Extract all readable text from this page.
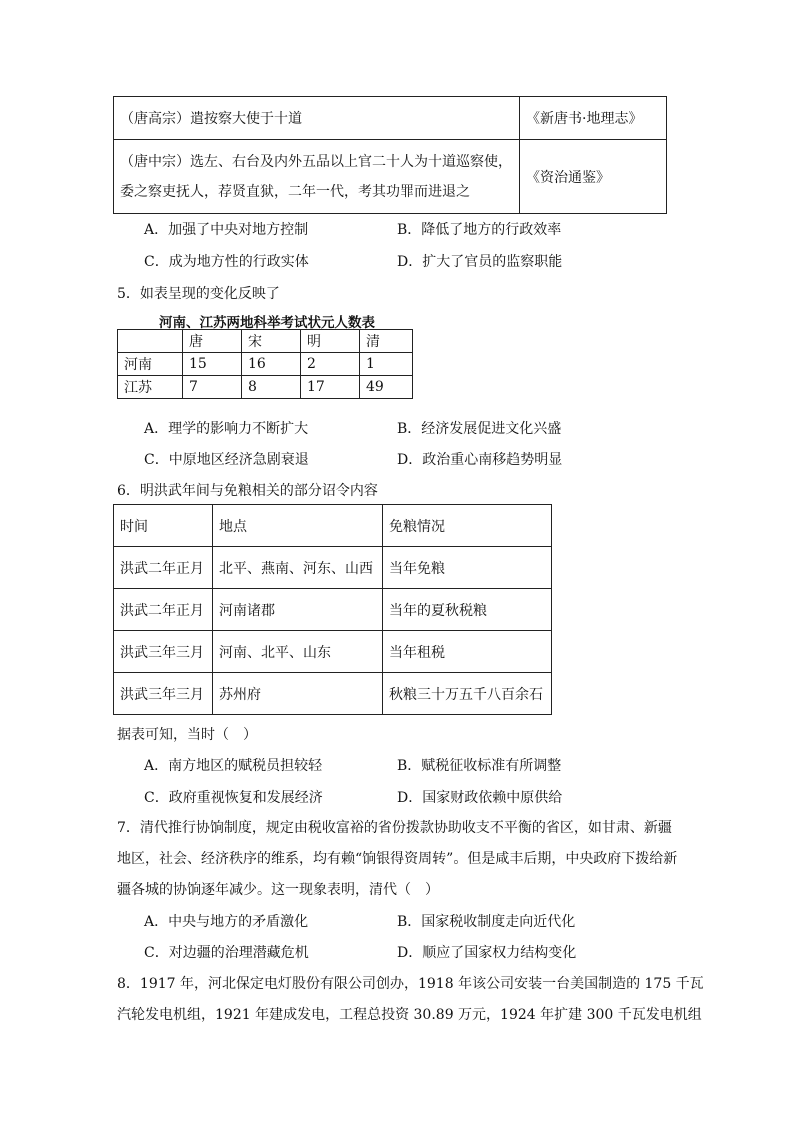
（唐高宗）遣按察大使于十道	《新唐书·地理志》

（唐中宗）选左、右台及内外五品以上官二十人为十道巡察使，
委之察吏抚人，荐贤直狱，二年一代，考其功罪而进退之	《资治通鉴》
A．加强了中央对地方控制	B．降低了地方的行政效率
C．成为地方性的行政实体	D．扩大了官员的监察职能
5．如表呈现的变化反映了
河南、江苏两地科举考试状元人数表
	唐	宋	明	清
河南	15	16	2	1
江苏	7	8	17	49
A．理学的影响力不断扩大	B．经济发展促进文化兴盛
C．中原地区经济急剧衰退	D．政治重心南移趋势明显
6．明洪武年间与免粮相关的部分诏令内容
时间	地点	免粮情况
洪武二年正月	北平、燕南、河东、山西	当年免粮
洪武二年正月	河南诸郡	当年的夏秋税粮
洪武三年三月	河南、北平、山东	当年租税
洪武三年三月	苏州府	秋粮三十万五千八百余石
据表可知，当时（　）
A．南方地区的赋税员担较轻	B．赋税征收标准有所调整
C．政府重视恢复和发展经济	D．国家财政依赖中原供给
7．清代推行协饷制度，规定由税收富裕的省份拨款协助收支不平衡的省区，如甘肃、新疆
地区，社会、经济秩序的维系，均有赖“饷银得资周转”。但是咸丰后期，中央政府下拨给新
疆各城的协饷逐年减少。这一现象表明，清代（　）
A．中央与地方的矛盾激化	B．国家税收制度走向近代化
C．对边疆的治理潜藏危机	D．顺应了国家权力结构变化
8．1917 年，河北保定电灯股份有限公司创办，1918 年该公司安装一台美国制造的 175 千瓦
汽轮发电机组，1921 年建成发电，工程总投资 30.89 万元，1924 年扩建 300 千瓦发电机组
